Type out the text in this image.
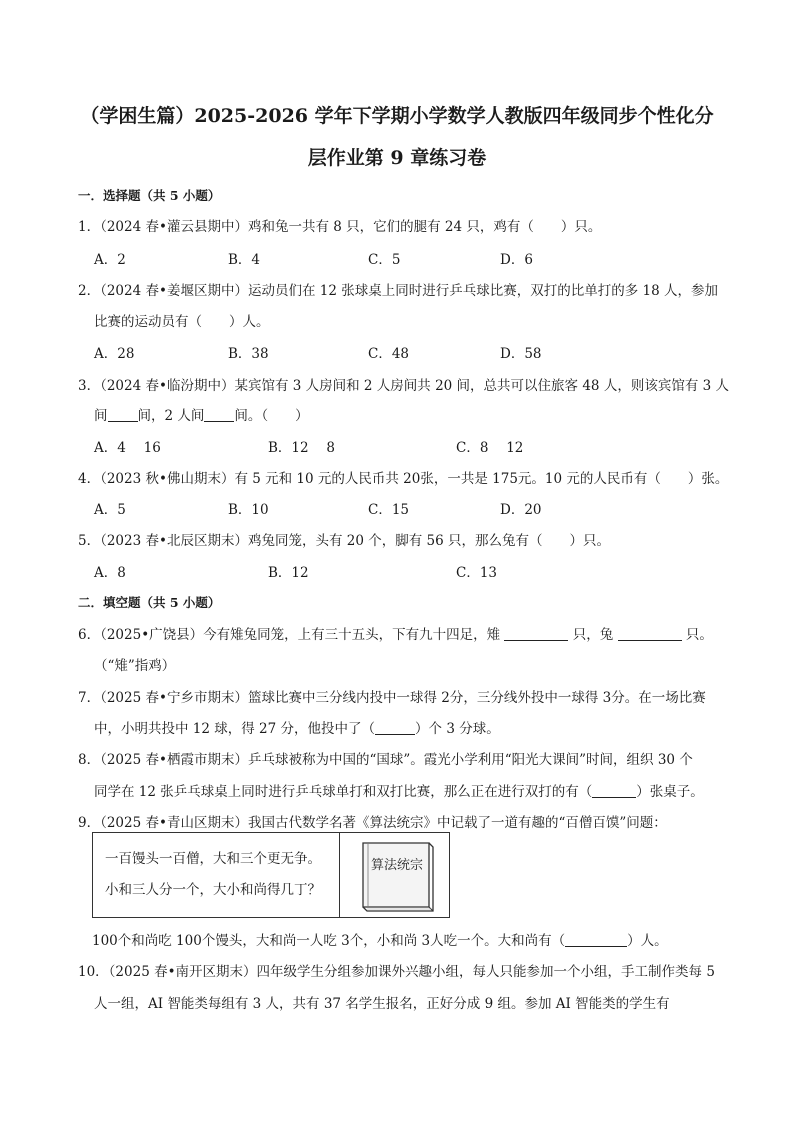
（学困生篇）2025-2026 学年下学期小学数学人教版四年级同步个性化分
层作业第 9 章练习卷
一．选择题（共 5 小题）
1．（2024 春•灌云县期中）鸡和兔一共有 8 只，它们的腿有 24 只，鸡有（　　）只。
A．2	B．4	C．5	D．6
2．（2024 春•姜堰区期中）运动员们在 12 张球桌上同时进行乒乓球比赛，双打的比单打的多 18 人，参加
比赛的运动员有（　　）人。
A．28	B．38	C．48	D．58
3．（2024 春•临汾期中）某宾馆有 3 人房间和 2 人房间共 20 间，总共可以住旅客 48 人，则该宾馆有 3 人
间 间，2 人间 间。（　　）
A．4　 16	B．12　 8	C．8　 12
4．（2023 秋•佛山期末）有 5 元和 10 元的人民币共 20张，一共是 175元。10 元的人民币有（　　）张。
A．5	B．10	C．15	D．20
5．（2023 春•北辰区期末）鸡兔同笼，头有 20 个，脚有 56 只，那么兔有（　　）只。
A．8	B．12	C．13
二．填空题（共 5 小题）
6．（2025•广饶县）今有雉兔同笼，上有三十五头，下有九十四足，雉	只，兔	只。
（“雉”指鸡）
7．（2025 春•宁乡市期末）篮球比赛中三分线内投中一球得 2分，三分线外投中一球得 3分。在一场比赛
中，小明共投中 12 球，得 27 分，他投中了（	）个 3 分球。
8．（2025 春•栖霞市期末）乒乓球被称为中国的“国球”。霞光小学利用“阳光大课间”时间，组织 30 个
同学在 12 张乒乓球桌上同时进行乒乓球单打和双打比赛，那么正在进行双打的有（	）张桌子。
9．（2025 春•青山区期末）我国古代数学名著《算法统宗》中记载了一道有趣的“百僧百馍”问题：
一百馒头一百僧，大和三个更无争。
小和三人分一个，大小和尚得几丁？
算法统宗
100个和尚吃 100个馒头，大和尚一人吃 3个，小和尚 3人吃一个。大和尚有（	）人。
10．（2025 春•南开区期末）四年级学生分组参加课外兴趣小组，每人只能参加一个小组，手工制作类每 5
人一组，AI 智能类每组有 3 人，共有 37 名学生报名，正好分成 9 组。参加 AI 智能类的学生有
